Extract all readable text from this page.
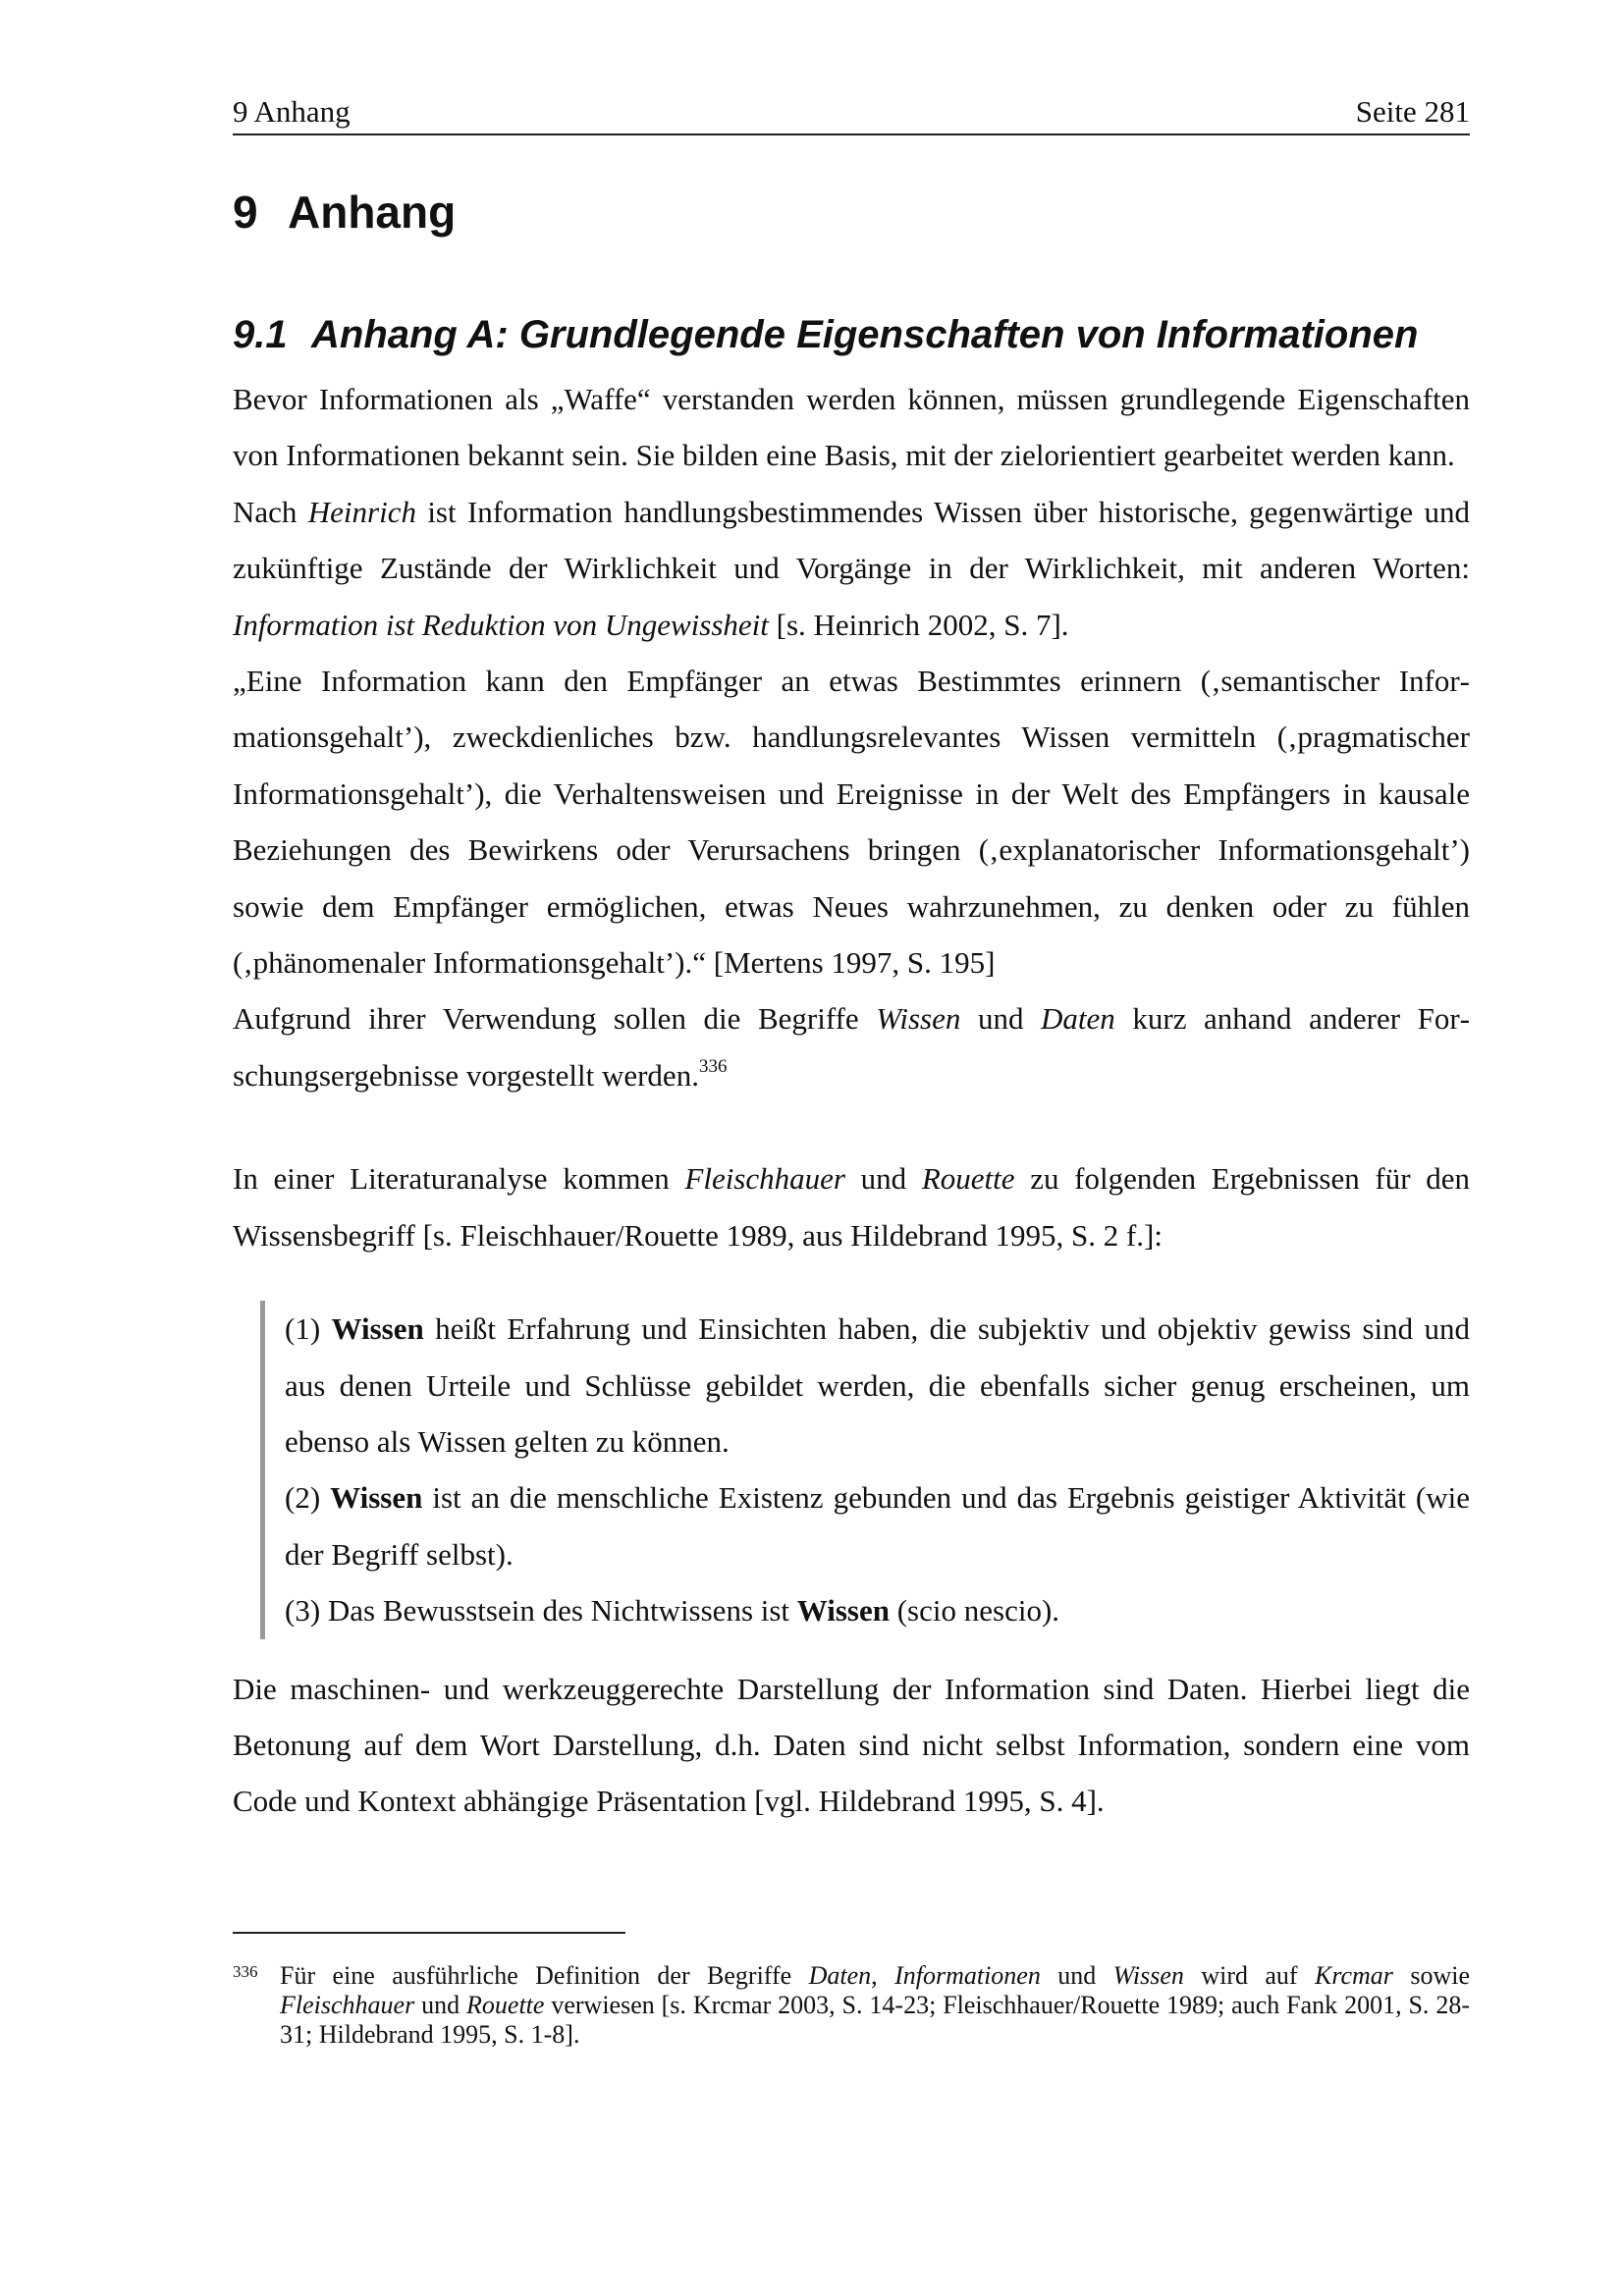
9 Anhang	Seite 281
9 Anhang
9.1 Anhang A: Grundlegende Eigenschaften von Informationen

Bevor Informationen als „Waffe“ verstanden werden können, müssen grundlegende Eigenschaften von Informationen bekannt sein. Sie bilden eine Basis, mit der zielorientiert gearbeitet werden kann.

Nach Heinrich ist Information handlungsbestimmendes Wissen über historische, gegenwärtige und zukünftige Zustände der Wirklichkeit und Vorgänge in der Wirklichkeit, mit anderen Worten: Information ist Reduktion von Ungewissheit [s. Heinrich 2002, S. 7].

„Eine Information kann den Empfänger an etwas Bestimmtes erinnern (‚semantischer Informationsgehalt’), zweckdienliches bzw. handlungsrelevantes Wissen vermitteln (‚pragmatischer Informationsgehalt’), die Verhaltensweisen und Ereignisse in der Welt des Empfängers in kausale Beziehungen des Bewirkens oder Verursachens bringen (‚explanatorischer Informationsgehalt’) sowie dem Empfänger ermöglichen, etwas Neues wahrzunehmen, zu denken oder zu fühlen (‚phänomenaler Informationsgehalt’).“ [Mertens 1997, S. 195]

Aufgrund ihrer Verwendung sollen die Begriffe Wissen und Daten kurz anhand anderer Forschungsergebnisse vorgestellt werden.$^{336}$

In einer Literaturanalyse kommen Fleischhauer und Rouette zu folgenden Ergebnissen für den Wissensbegriff [s. Fleischhauer/Rouette 1989, aus Hildebrand 1995, S. 2 f.]:

(1) Wissen heißt Erfahrung und Einsichten haben, die subjektiv und objektiv gewiss sind und aus denen Urteile und Schlüsse gebildet werden, die ebenfalls sicher genug erscheinen, um ebenso als Wissen gelten zu können.

(2) Wissen ist an die menschliche Existenz gebunden und das Ergebnis geistiger Aktivität (wie der Begriff selbst).

(3) Das Bewusstsein des Nichtwissens ist Wissen (scio nescio).

Die maschinen- und werkzeuggerechte Darstellung der Information sind Daten. Hierbei liegt die Betonung auf dem Wort Darstellung, d.h. Daten sind nicht selbst Information, sondern eine vom Code und Kontext abhängige Präsentation [vgl. Hildebrand 1995, S. 4].

336 Für eine ausführliche Definition der Begriffe Daten, Informationen und Wissen wird auf Krcmar sowie Fleischhauer und Rouette verwiesen [s. Krcmar 2003, S. 14-23; Fleischhauer/Rouette 1989; auch Fank 2001, S. 28-31; Hildebrand 1995, S. 1-8].
